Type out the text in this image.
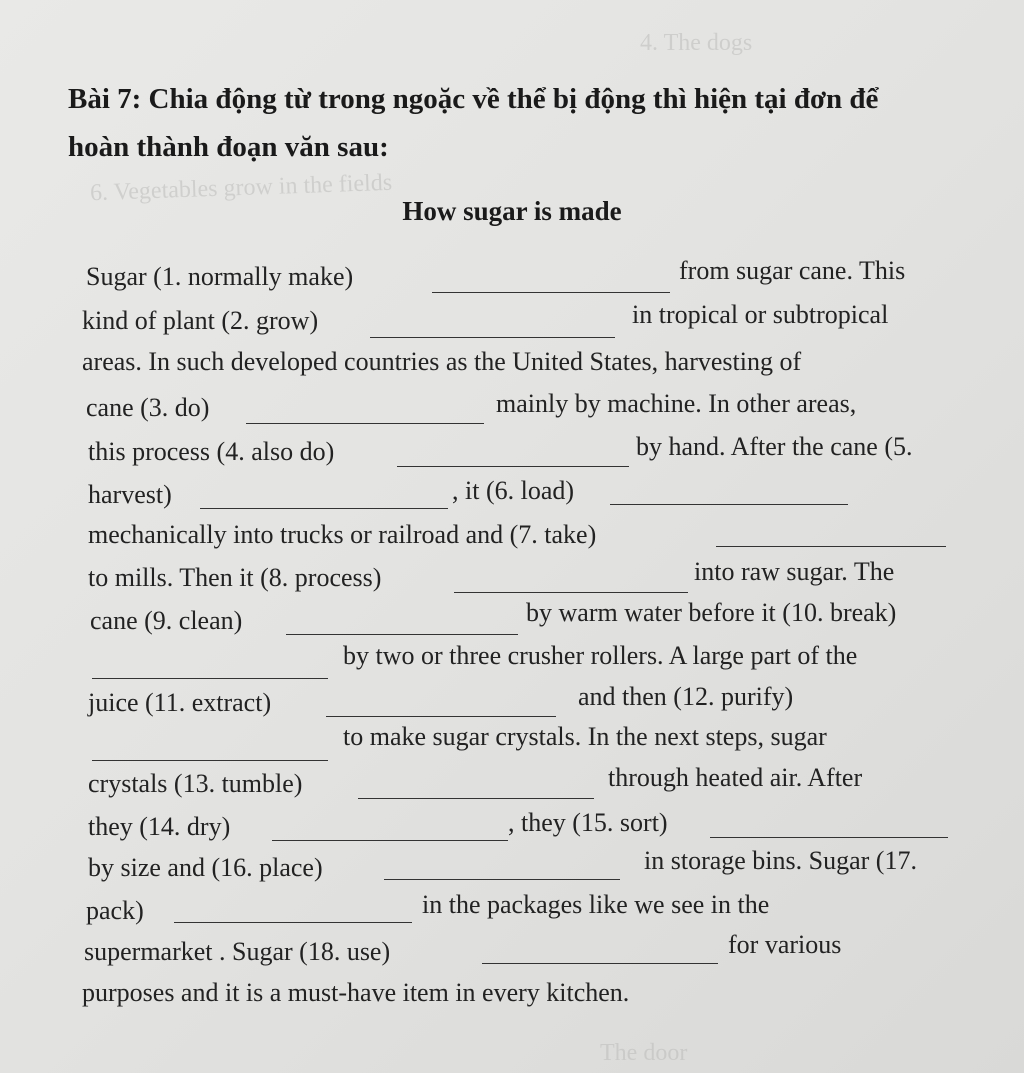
4. The dogs
6. Vegetables grow in the fields
The door
Bài 7: Chia động từ trong ngoặc về thể bị động thì hiện tại đơn để
hoàn thành đoạn văn sau:
How sugar is made
Sugar (1. normally make)	from sugar cane. This
kind of plant (2. grow)	in tropical or subtropical
areas. In such developed countries as the United States, harvesting of
cane (3. do)	mainly by machine. In other areas,
this process (4. also do)	by hand. After the cane (5.
harvest)	, it (6. load)
mechanically into trucks or railroad and (7. take)
to mills. Then it (8. process)	into raw sugar. The
cane (9. clean)	by warm water before it (10. break)
by two or three crusher rollers. A large part of the
juice (11. extract)	and then (12. purify)
to make sugar crystals. In the next steps, sugar
crystals (13. tumble)	through heated air. After
they (14. dry)	, they (15. sort)
by size and (16. place)	in storage bins. Sugar (17.
pack)	in the packages like we see in the
supermarket . Sugar (18. use)	for various
purposes and it is a must-have item in every kitchen.
